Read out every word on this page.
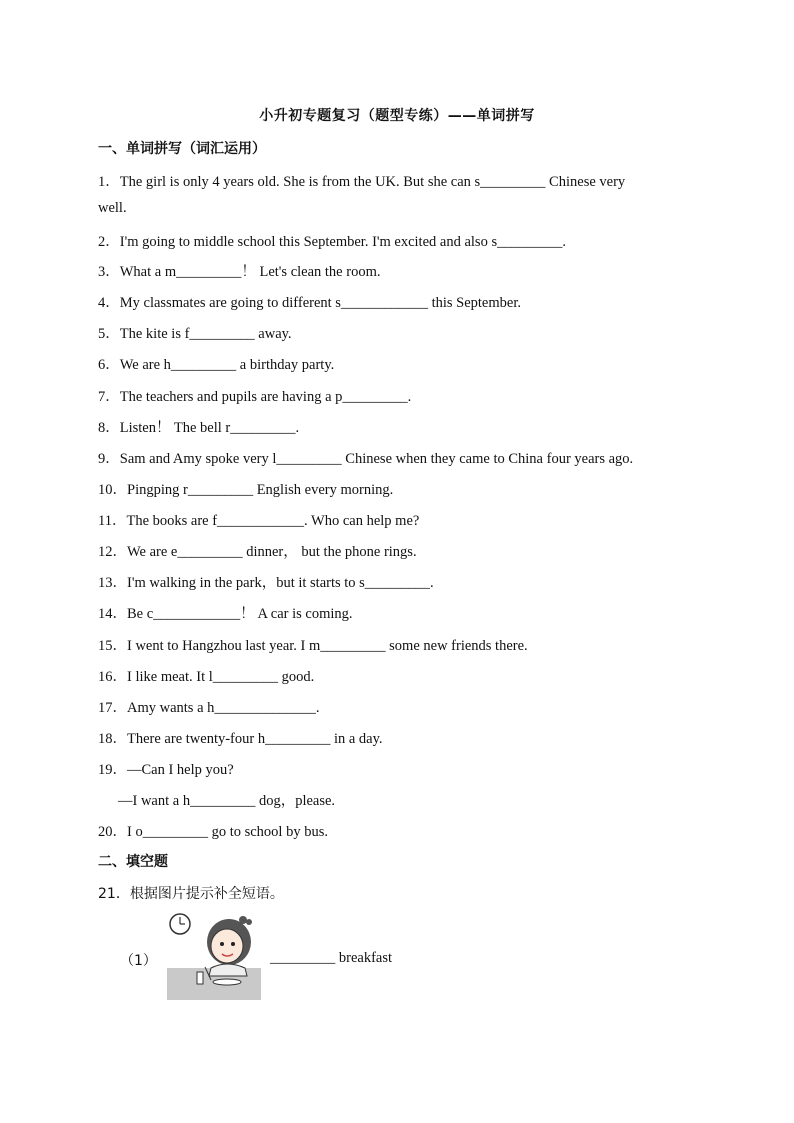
小升初专题复习（题型专练）——单词拼写
一、单词拼写（词汇运用）
1．The girl is only 4 years old. She is from the UK. But she can s_________ Chinese very
well.
2．I'm going to middle school this September. I'm excited and also s_________.
3．What a m_________！ Let's clean the room.
4．My classmates are going to different s____________ this September.
5．The kite is f_________ away.
6．We are h_________ a birthday party.
7．The teachers and pupils are having a p_________.
8．Listen！ The bell r_________.
9．Sam and Amy spoke very l_________ Chinese when they came to China four years ago.
10．Pingping r_________ English every morning.
11．The books are f____________. Who can help me?
12．We are e_________ dinner， but the phone rings.
13．I'm walking in the park，but it starts to s_________.
14．Be c____________！ A car is coming.
15．I went to Hangzhou last year. I m_________ some new friends there.
16．I like meat. It l_________ good.
17．Amy wants a h______________.
18．There are twenty-four h_________ in a day.
19．—Can I help you?
—I want a h_________ dog，please.
20．I o_________ go to school by bus.
二、填空题
21．根据图片提示补全短语。
（1）	_________ breakfast
